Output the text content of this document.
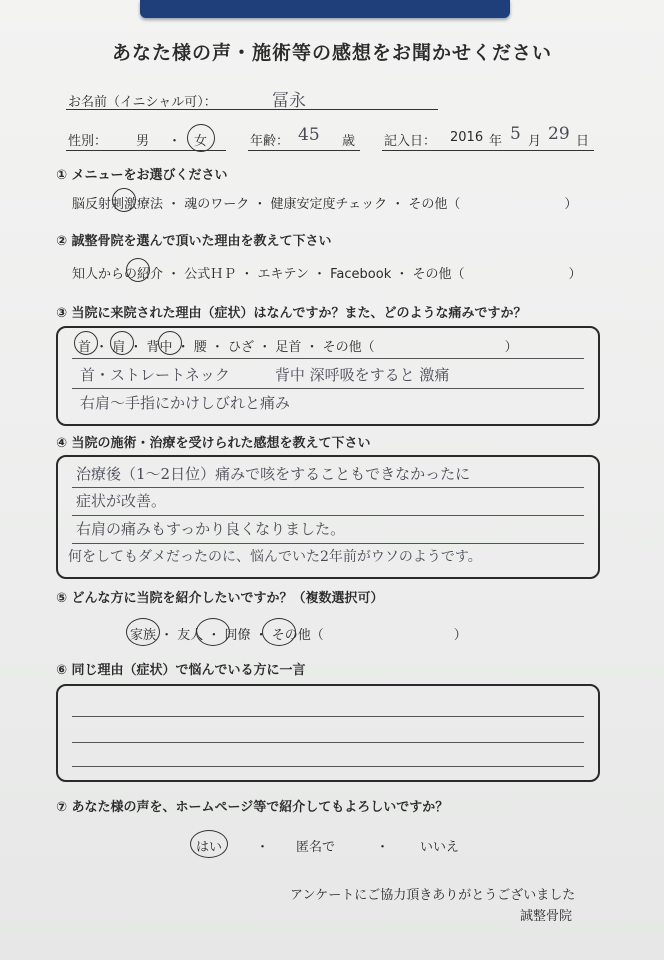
あなた様の声・施術等の感想をお聞かせください
お名前（イニシャル可）：	冨永
性別： 男 ・ 女	年齢： 45 歳 記入日： 2016 年 5 月 29 日
① メニューをお選びください
脳反射刺激療法 ・ 魂のワーク ・ 健康安定度チェック ・ その他（　　　　　　　　）
② 誠整骨院を選んで頂いた理由を教えて下さい
知人からの紹介 ・ 公式ＨＰ ・ エキテン ・ Facebook ・ その他（　　　　　　　　）
③ 当院に来院された理由（症状）はなんですか？また、どのような痛みですか？
首 ・ 肩 ・ 背中 ・ 腰 ・ ひざ ・ 足首 ・ その他（　　　　　　　　　　）
首・ストレートネック　　　背中 深呼吸をすると 激痛
右肩～手指にかけしびれと痛み
④ 当院の施術・治療を受けられた感想を教えて下さい
治療後（1～2日位）痛みで咳をすることもできなかったに
症状が改善。
右肩の痛みもすっかり良くなりました。
何をしてもダメだったのに、悩んでいた2年前がウソのようです。
⑤ どんな方に当院を紹介したいですか？（複数選択可）
家族 ・ 友人 ・ 同僚 ・ その他（　　　　　　　　　　）
⑥ 同じ理由（症状）で悩んでいる方に一言
⑦ あなた様の声を、ホームページ等で紹介してもよろしいですか？
はい	・ 匿名で	・ いいえ
アンケートにご協力頂きありがとうございました
誠整骨院
